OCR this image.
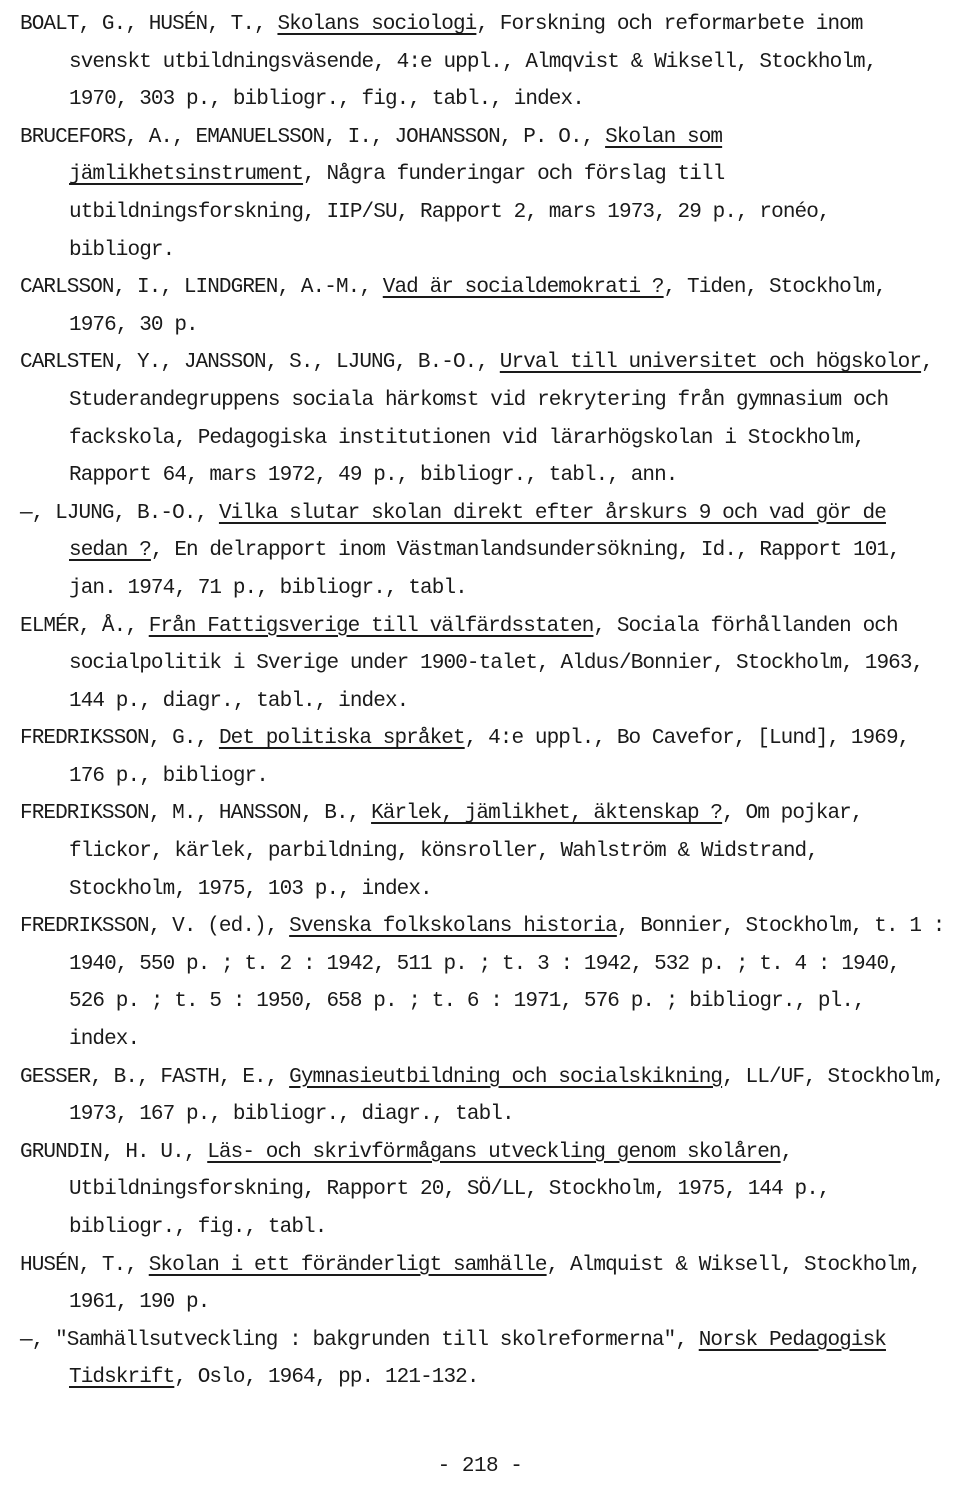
BOALT, G., HUSÉN, T., Skolans sociologi, Forskning och reformarbete inom svenskt utbildningsväsende, 4:e uppl., Almqvist & Wiksell, Stockholm, 1970, 303 p., bibliogr., fig., tabl., index.

BRUCEFORS, A., EMANUELSSON, I., JOHANSSON, P. O., Skolan som jämlikhetsinstrument, Några funderingar och förslag till utbildningsforskning, IIP/SU, Rapport 2, mars 1973, 29 p., ronéo, bibliogr.

CARLSSON, I., LINDGREN, A.-M., Vad är socialdemokrati ?, Tiden, Stockholm, 1976, 30 p.

CARLSTEN, Y., JANSSON, S., LJUNG, B.-O., Urval till universitet och högskolor, Studerandegruppens sociala härkomst vid rekrytering från gymnasium och fackskola, Pedagogiska institutionen vid lärarhögskolan i Stockholm, Rapport 64, mars 1972, 49 p., bibliogr., tabl., ann.

—, LJUNG, B.-O., Vilka slutar skolan direkt efter årskurs 9 och vad gör de sedan ?, En delrapport inom Västmanlandsundersökning, Id., Rapport 101, jan. 1974, 71 p., bibliogr., tabl.

ELMÉR, Å., Från Fattigsverige till välfärdsstaten, Sociala förhållanden och socialpolitik i Sverige under 1900-talet, Aldus/Bonnier, Stockholm, 1963, 144 p., diagr., tabl., index.

FREDRIKSSON, G., Det politiska språket, 4:e uppl., Bo Cavefor, [Lund], 1969, 176 p., bibliogr.

FREDRIKSSON, M., HANSSON, B., Kärlek, jämlikhet, äktenskap ?, Om pojkar, flickor, kärlek, parbildning, könsroller, Wahlström & Widstrand, Stockholm, 1975, 103 p., index.

FREDRIKSSON, V. (ed.), Svenska folkskolans historia, Bonnier, Stockholm, t. 1 : 1940, 550 p. ; t. 2 : 1942, 511 p. ; t. 3 : 1942, 532 p. ; t. 4 : 1940, 526 p. ; t. 5 : 1950, 658 p. ; t. 6 : 1971, 576 p. ; bibliogr., pl., index.

GESSER, B., FASTH, E., Gymnasieutbildning och socialskikning, LL/UF, Stockholm, 1973, 167 p., bibliogr., diagr., tabl.

GRUNDIN, H. U., Läs- och skrivförmågans utveckling genom skolåren, Utbildningsforskning, Rapport 20, SÖ/LL, Stockholm, 1975, 144 p., bibliogr., fig., tabl.

HUSÉN, T., Skolan i ett föränderligt samhälle, Almquist & Wiksell, Stockholm, 1961, 190 p.

—, "Samhällsutveckling : bakgrunden till skolreformerna", Norsk Pedagogisk Tidskrift, Oslo, 1964, pp. 121-132.

- 218 -
